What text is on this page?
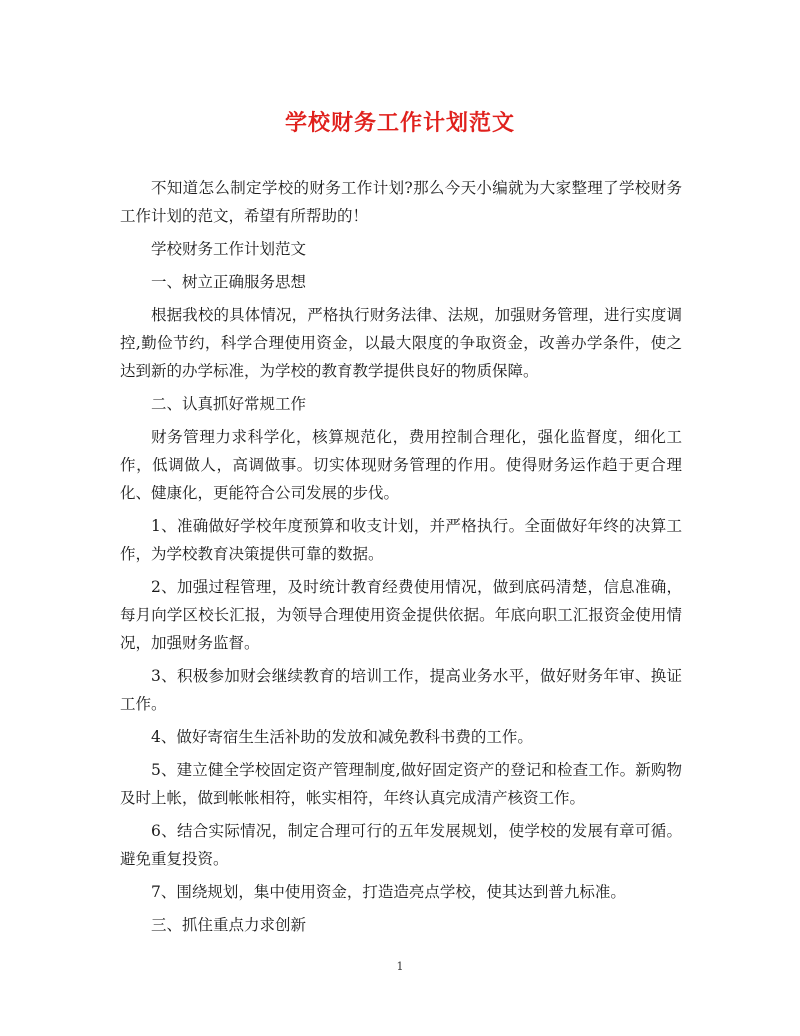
学校财务工作计划范文

不知道怎么制定学校的财务工作计划?那么今天小编就为大家整理了学校财务工作计划的范文，希望有所帮助的！

学校财务工作计划范文

一、树立正确服务思想

根据我校的具体情况，严格执行财务法律、法规，加强财务管理，进行实度调控,勤俭节约，科学合理使用资金，以最大限度的争取资金，改善办学条件，使之达到新的办学标准，为学校的教育教学提供良好的物质保障。

二、认真抓好常规工作

财务管理力求科学化，核算规范化，费用控制合理化，强化监督度，细化工作，低调做人，高调做事。切实体现财务管理的作用。使得财务运作趋于更合理化、健康化，更能符合公司发展的步伐。

1、准确做好学校年度预算和收支计划，并严格执行。全面做好年终的决算工作，为学校教育决策提供可靠的数据。

2、加强过程管理，及时统计教育经费使用情况，做到底码清楚，信息准确，每月向学区校长汇报，为领导合理使用资金提供依据。年底向职工汇报资金使用情况，加强财务监督。

3、积极参加财会继续教育的培训工作，提高业务水平，做好财务年审、换证工作。

4、做好寄宿生生活补助的发放和减免教科书费的工作。

5、建立健全学校固定资产管理制度,做好固定资产的登记和检查工作。新购物及时上帐，做到帐帐相符，帐实相符，年终认真完成清产核资工作。

6、结合实际情况，制定合理可行的五年发展规划，使学校的发展有章可循。避免重复投资。

7、围绕规划，集中使用资金，打造造亮点学校，使其达到普九标准。

三、抓住重点力求创新

1
